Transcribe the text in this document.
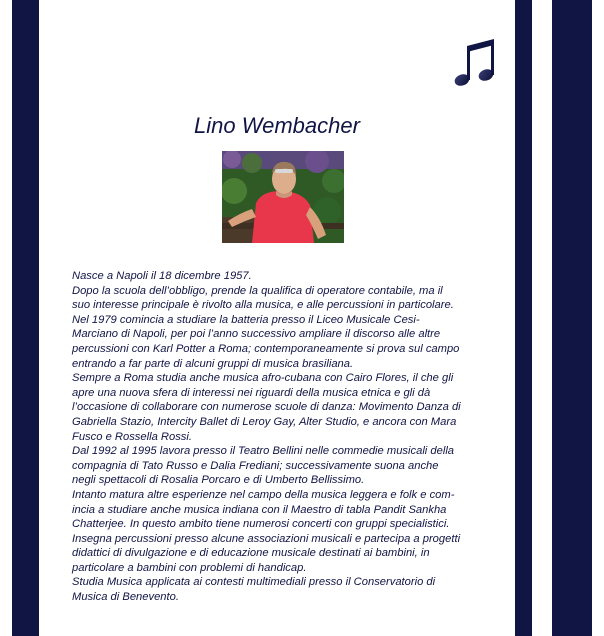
Lino Wembacher
Nasce a Napoli il 18 dicembre 1957.
Dopo la scuola dell’obbligo, prende la qualifica di operatore contabile, ma il
suo interesse principale è rivolto alla musica, e alle percussioni in particolare.
Nel 1979 comincia a studiare la batteria presso il Liceo Musicale Cesi-
Marciano di Napoli, per poi l’anno successivo ampliare il discorso alle altre
percussioni con Karl Potter a Roma; contemporaneamente si prova sul campo
entrando a far parte di alcuni gruppi di musica brasiliana.
Sempre a Roma studia anche musica afro-cubana con Cairo Flores, il che gli
apre una nuova sfera di interessi nei riguardi della musica etnica e gli dà
l’occasione di collaborare con numerose scuole di danza: Movimento Danza di
Gabriella Stazio, Intercity Ballet di Leroy Gay, Alter Studio, e ancora con Mara
Fusco e Rossella Rossi.
Dal 1992 al 1995 lavora presso il Teatro Bellini nelle commedie musicali della
compagnia di Tato Russo e Dalia Frediani; successivamente suona anche
negli spettacoli di Rosalia Porcaro e di Umberto Bellissimo.
Intanto matura altre esperienze nel campo della musica leggera e folk e com-
incia a studiare anche musica indiana con il Maestro di tabla Pandit Sankha
Chatterjee. In questo ambito tiene numerosi concerti con gruppi specialistici.
Insegna percussioni presso alcune associazioni musicali e partecipa a progetti
didattici di divulgazione e di educazione musicale destinati ai bambini, in
particolare a bambini con problemi di handicap.
Studia Musica applicata ai contesti multimediali presso il Conservatorio di
Musica di Benevento.
